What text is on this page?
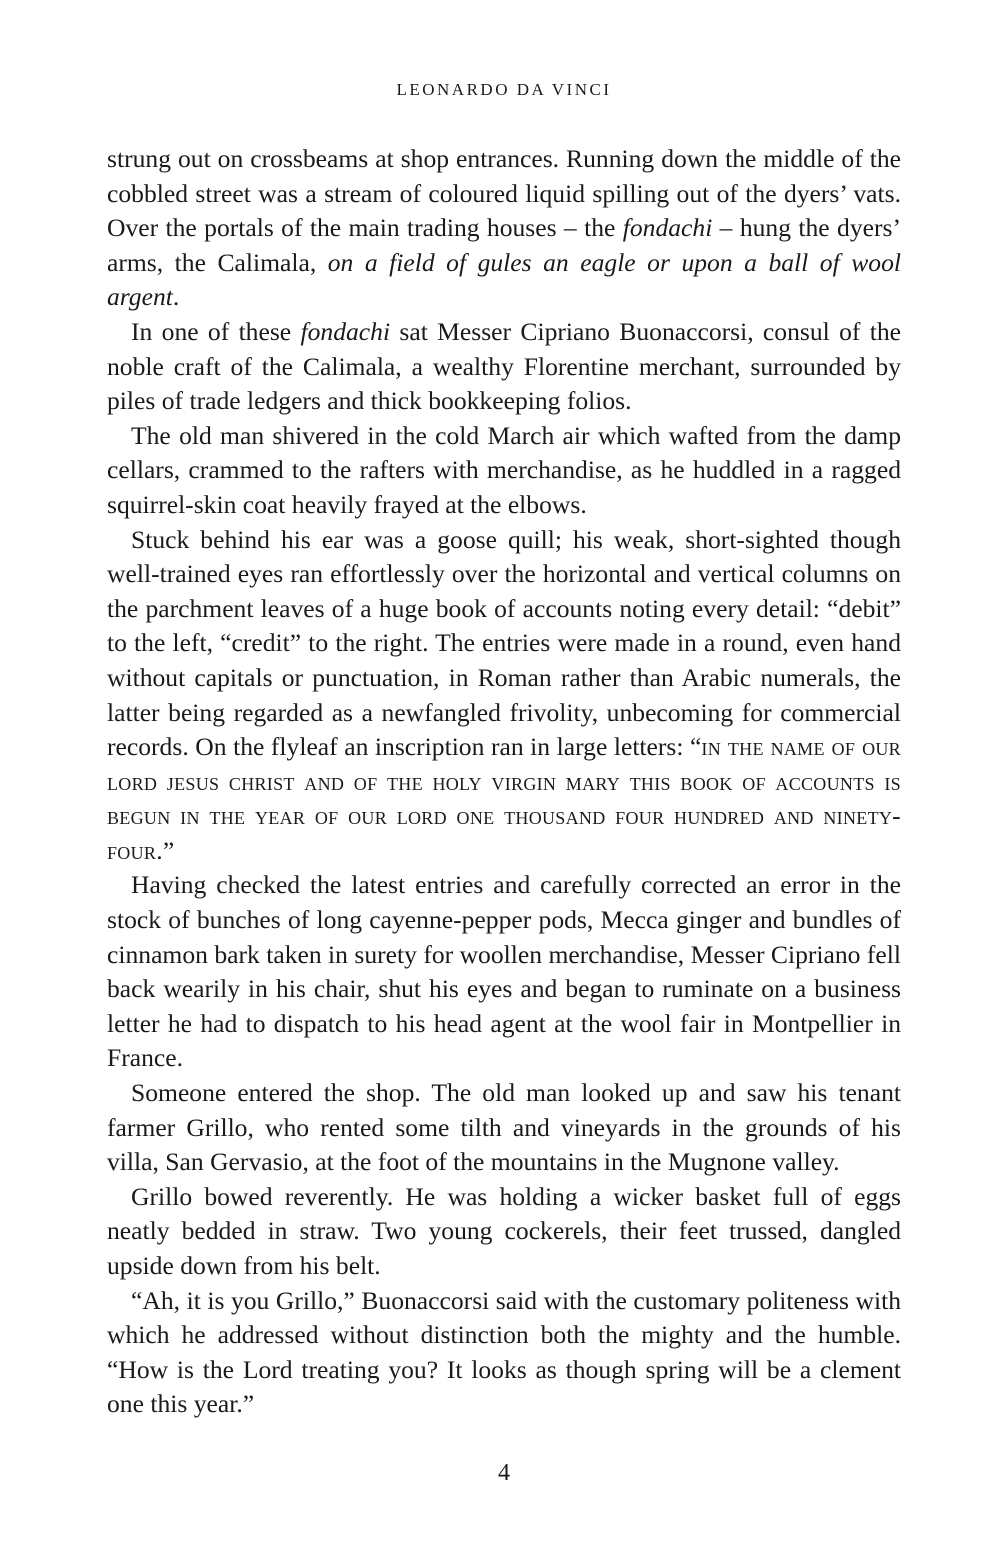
LEONARDO DA VINCI

strung out on crossbeams at shop entrances. Running down the middle of the cobbled street was a stream of coloured liquid spilling out of the dyers’ vats. Over the portals of the main trading houses – the fondachi – hung the dyers’ arms, the Calimala, on a field of gules an eagle or upon a ball of wool argent.

In one of these fondachi sat Messer Cipriano Buonaccorsi, consul of the noble craft of the Calimala, a wealthy Florentine merchant, surrounded by piles of trade ledgers and thick bookkeeping folios.

The old man shivered in the cold March air which wafted from the damp cellars, crammed to the rafters with merchandise, as he huddled in a ragged squirrel-skin coat heavily frayed at the elbows.

Stuck behind his ear was a goose quill; his weak, short-sighted though well-trained eyes ran effortlessly over the horizontal and vertical columns on the parchment leaves of a huge book of accounts noting every detail: “debit” to the left, “credit” to the right. The entries were made in a round, even hand without capitals or punctuation, in Roman rather than Arabic numerals, the latter being regarded as a newfangled frivolity, unbecoming for commercial records. On the flyleaf an inscription ran in large letters: “in the name of our lord jesus christ and of the holy virgin mary this book of accounts is begun in the year of our lord one thousand four hundred and ninety-four.”

Having checked the latest entries and carefully corrected an error in the stock of bunches of long cayenne-pepper pods, Mecca ginger and bundles of cinnamon bark taken in surety for woollen merchandise, Messer Cipriano fell back wearily in his chair, shut his eyes and began to ruminate on a business letter he had to dispatch to his head agent at the wool fair in Montpellier in France.

Someone entered the shop. The old man looked up and saw his tenant farmer Grillo, who rented some tilth and vineyards in the grounds of his villa, San Gervasio, at the foot of the mountains in the Mugnone valley.

Grillo bowed reverently. He was holding a wicker basket full of eggs neatly bedded in straw. Two young cockerels, their feet trussed, dangled upside down from his belt.

“Ah, it is you Grillo,” Buonaccorsi said with the customary politeness with which he addressed without distinction both the mighty and the humble. “How is the Lord treating you? It looks as though spring will be a clement one this year.”

4
